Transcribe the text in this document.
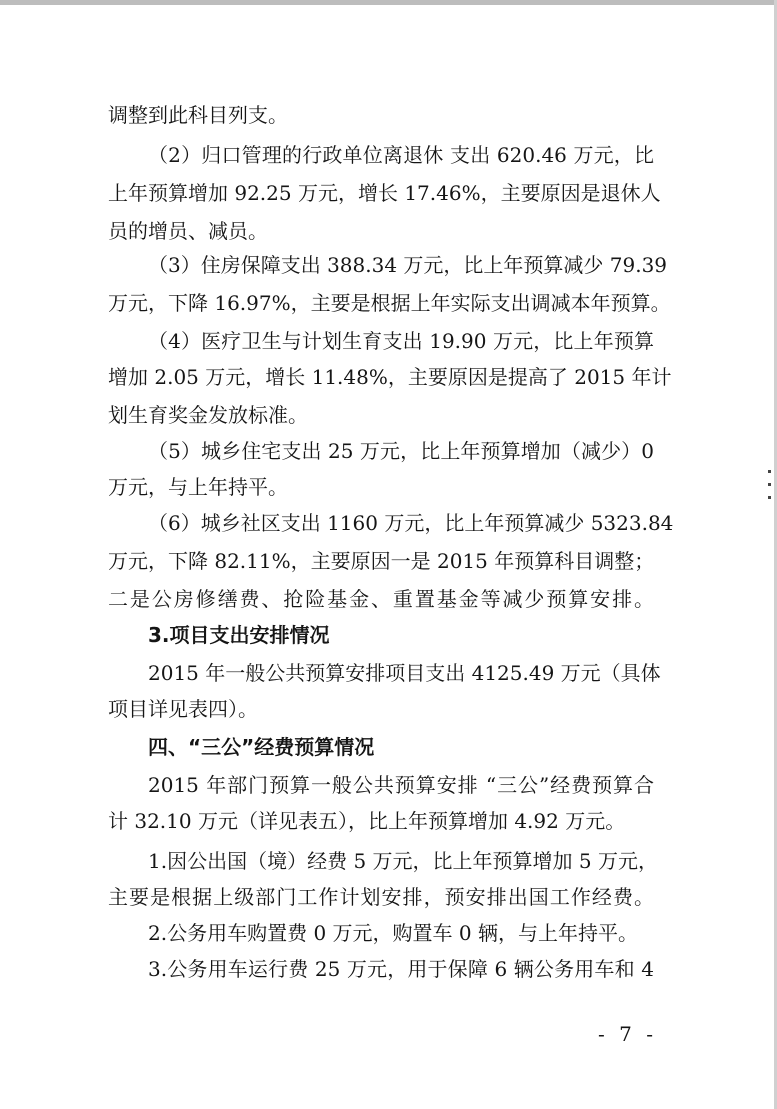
调整到此科目列支。

（2）归口管理的行政单位离退休 支出 620.46 万元，比

上年预算增加 92.25 万元，增长 17.46%，主要原因是退休人

员的增员、减员。

（3）住房保障支出 388.34 万元，比上年预算减少 79.39

万元，下降 16.97%，主要是根据上年实际支出调减本年预算。

（4）医疗卫生与计划生育支出 19.90 万元，比上年预算

增加 2.05 万元，增长 11.48%，主要原因是提高了 2015 年计

划生育奖金发放标准。

（5）城乡住宅支出 25 万元，比上年预算增加（减少）0

万元，与上年持平。

（6）城乡社区支出 1160 万元，比上年预算减少 5323.84

万元，下降 82.11%，主要原因一是 2015 年预算科目调整；

二是公房修缮费、抢险基金、重置基金等减少预算安排。

3.项目支出安排情况

2015 年一般公共预算安排项目支出 4125.49 万元（具体

项目详见表四）。

四、“三公”经费预算情况

2015 年部门预算一般公共预算安排 “三公”经费预算合

计 32.10 万元（详见表五），比上年预算增加 4.92 万元。

1.因公出国（境）经费 5 万元，比上年预算增加 5 万元，

主要是根据上级部门工作计划安排，预安排出国工作经费。

2.公务用车购置费 0 万元，购置车 0 辆，与上年持平。

3.公务用车运行费 25 万元，用于保障 6 辆公务用车和 4

- 7 -
